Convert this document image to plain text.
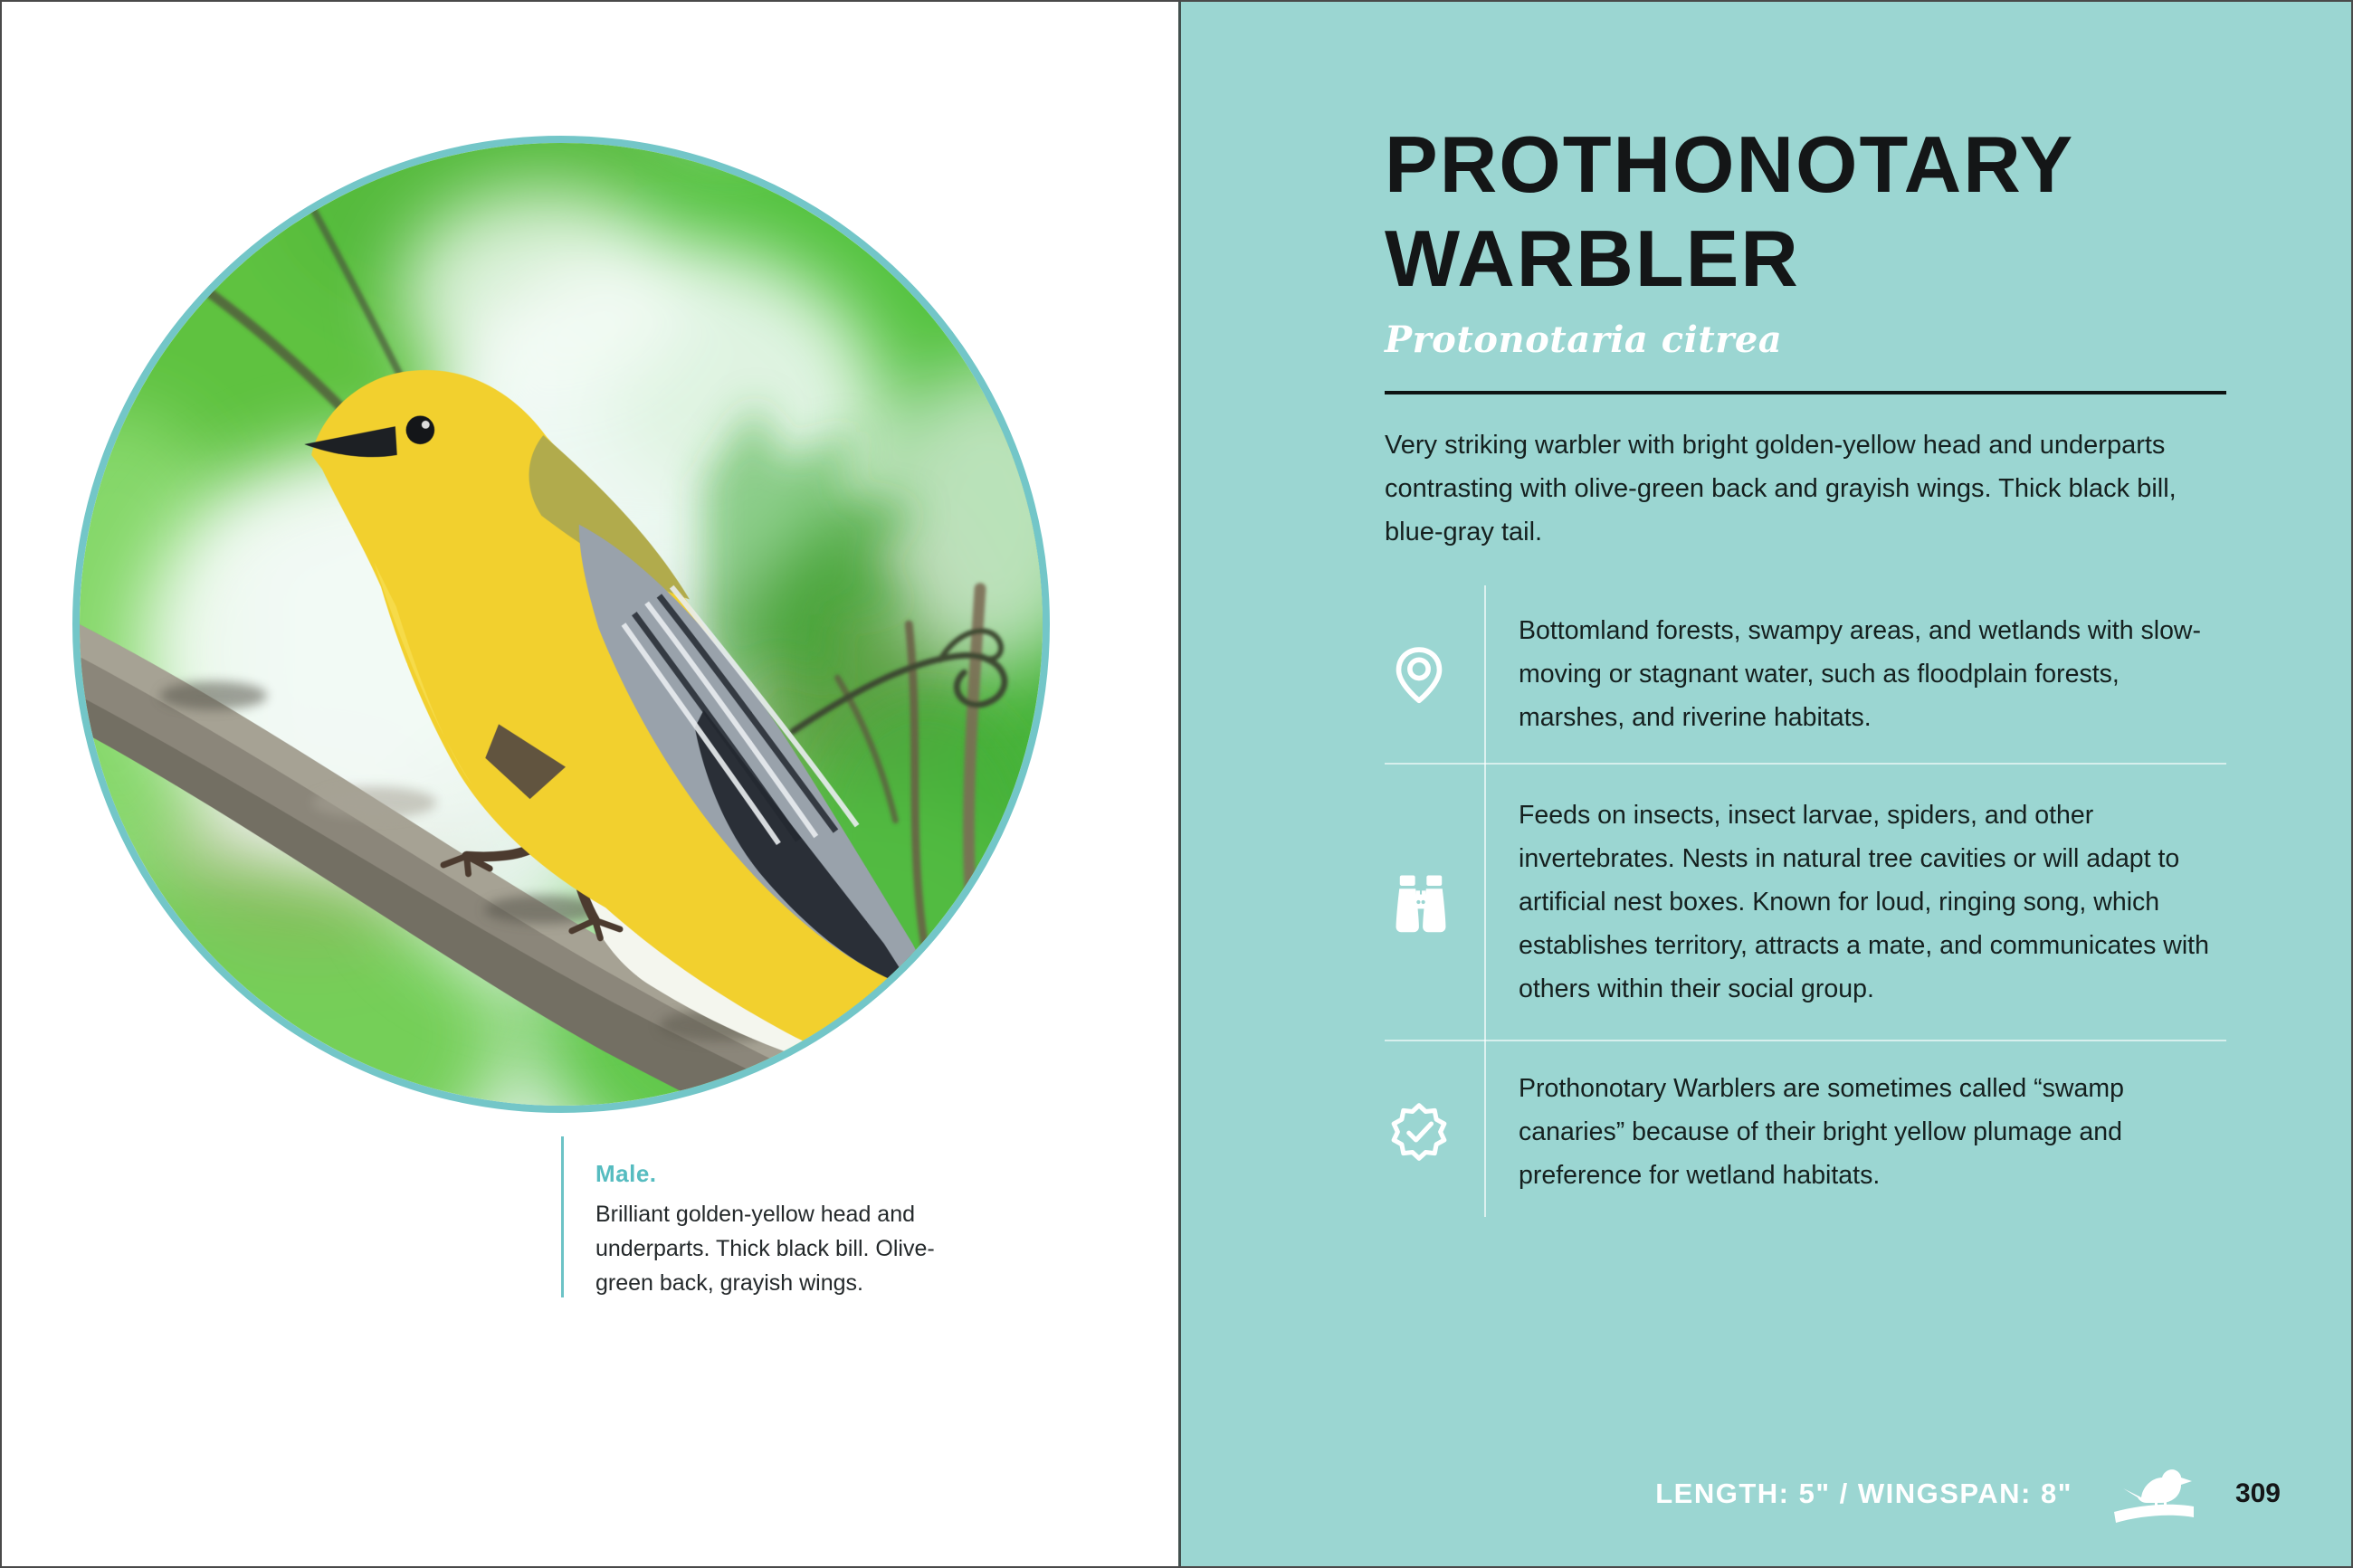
Male.

Brilliant golden-yellow head and underparts. Thick black bill. Olive-green back, grayish wings.

PROTHONOTARY
WARBLER
Protonotaria citrea
Very striking warbler with bright golden-yellow head and underparts contrasting with olive-green back and grayish wings. Thick black bill, blue-gray tail.
Bottomland forests, swampy areas, and wetlands with slow-moving or stagnant water, such as floodplain forests, marshes, and riverine habitats.
Feeds on insects, insect larvae, spiders, and other invertebrates. Nests in natural tree cavities or will adapt to artificial nest boxes. Known for loud, ringing song, which establishes territory, attracts a mate, and communicates with others within their social group.
Prothonotary Warblers are sometimes called “swamp canaries” because of their bright yellow plumage and preference for wetland habitats.
LENGTH: 5" / WINGSPAN: 8"	309
